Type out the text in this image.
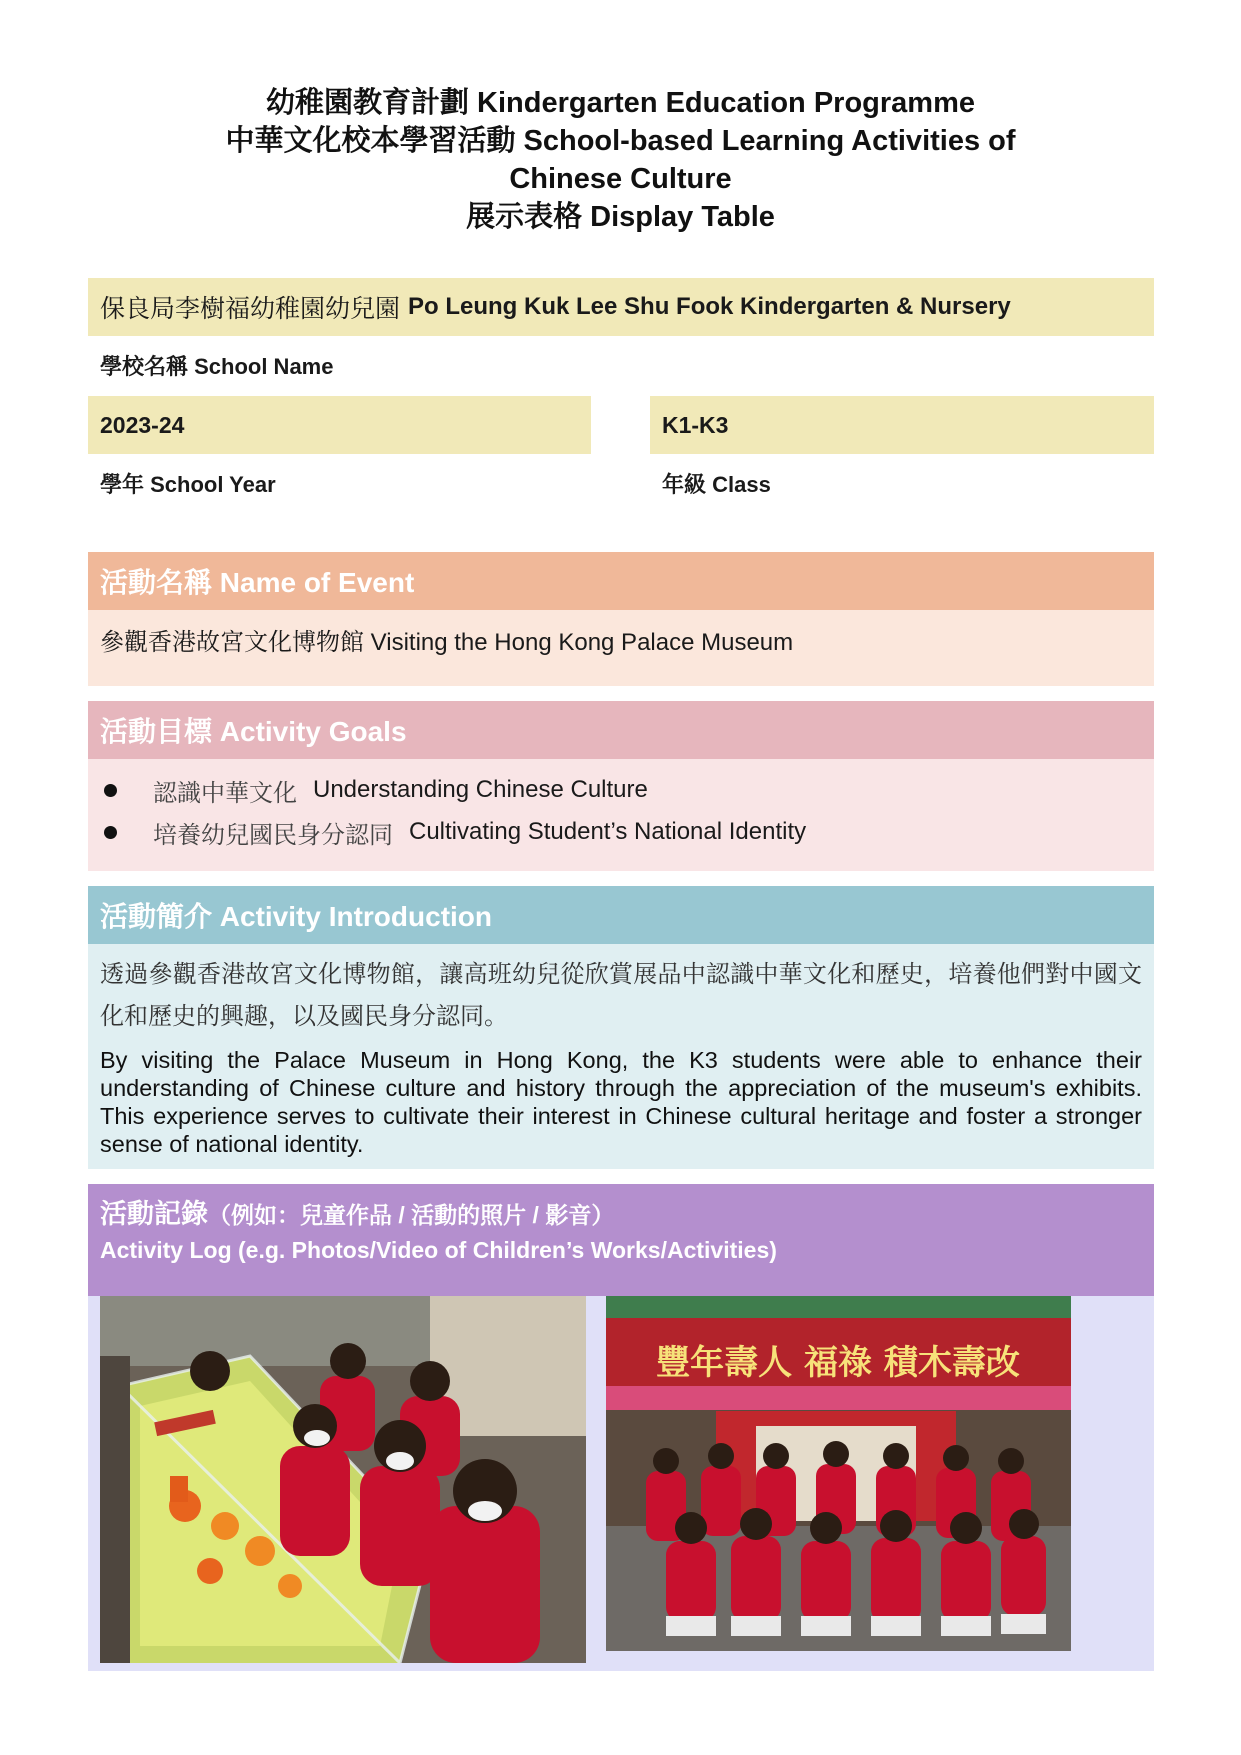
幼稚園教育計劃 Kindergarten Education Programme
中華文化校本學習活動 School-based Learning Activities of
Chinese Culture
展示表格 Display Table
保良局李樹福幼稚園幼兒園 Po Leung Kuk Lee Shu Fook Kindergarten & Nursery
學校名稱 School Name
2023-24
學年 School Year
K1-K3
年級 Class
活動名稱 Name of Event
參觀香港故宮文化博物館 Visiting the Hong Kong Palace Museum
活動目標 Activity Goals
認識中華文化 Understanding Chinese Culture
培養幼兒國民身分認同 Cultivating Student’s National Identity
活動簡介 Activity Introduction
透過參觀香港故宮文化博物館，讓高班幼兒從欣賞展品中認識中華文化和歷史，培養他們對中國文化和歷史的興趣，以及國民身分認同。
By visiting the Palace Museum in Hong Kong, the K3 students were able to enhance their understanding of Chinese culture and history through the appreciation of the museum's exhibits. This experience serves to cultivate their interest in Chinese cultural heritage and foster a stronger sense of national identity.
活動記錄（例如：兒童作品 / 活動的照片 / 影音）
Activity Log (e.g. Photos/Video of Children’s Works/Activities)
豐年壽人 福祿 積木壽改
